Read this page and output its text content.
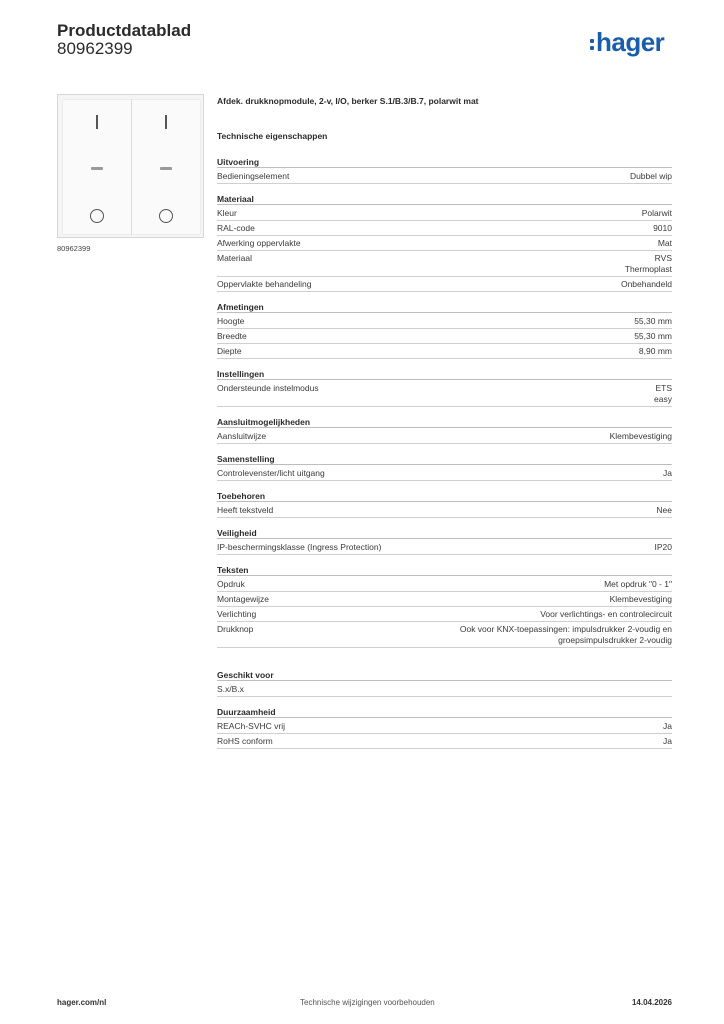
Productdatablad
80962399	hager
80962399
Afdek. drukknopmodule, 2-v, I/O, berker S.1/B.3/B.7, polarwit mat
Technische eigenschappen
Uitvoering
Bedieningselement	Dubbel wip
Materiaal
Kleur	Polarwit
RAL-code	9010
Afwerking oppervlakte	Mat
Materiaal	RVS
Thermoplast
Oppervlakte behandeling	Onbehandeld
Afmetingen
Hoogte	55,30 mm
Breedte	55,30 mm
Diepte	8,90 mm
Instellingen
Ondersteunde instelmodus	ETS
easy
Aansluitmogelijkheden
Aansluitwijze	Klembevestiging
Samenstelling
Controlevenster/licht uitgang	Ja
Toebehoren
Heeft tekstveld	Nee
Veiligheid
IP-beschermingsklasse (Ingress Protection)	IP20
Teksten
Opdruk	Met opdruk "0 - 1"
Montagewijze	Klembevestiging
Verlichting	Voor verlichtings- en controlecircuit
Drukknop	Ook voor KNX-toepassingen: impulsdrukker 2-voudig en
groepsimpulsdrukker 2-voudig
Geschikt voor
S.x/B.x
Duurzaamheid
REACh-SVHC vrij	Ja
RoHS conform	Ja
hager.com/nl	Technische wijzigingen voorbehouden	14.04.2026
